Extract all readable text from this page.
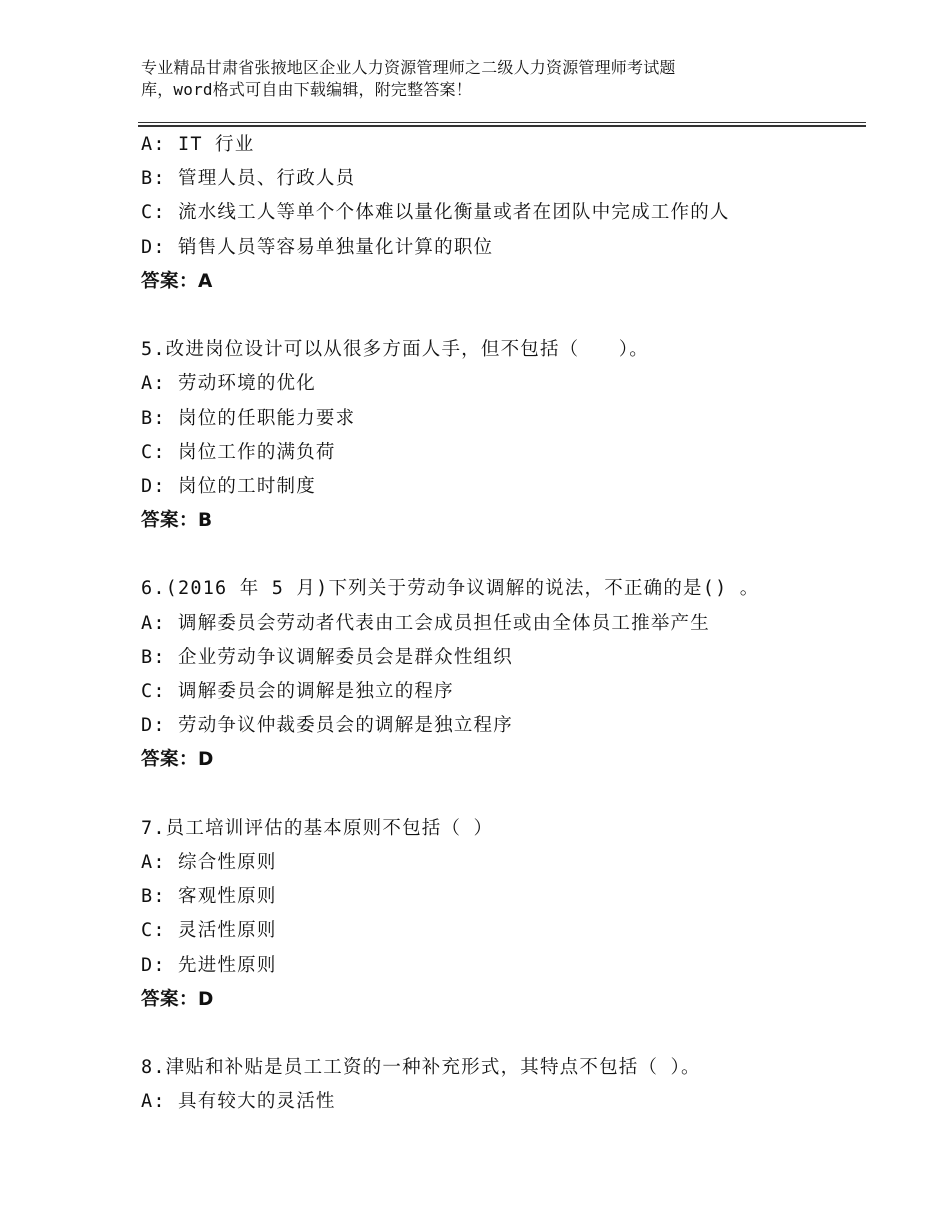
专业精品甘肃省张掖地区企业人力资源管理师之二级人力资源管理师考试题
库，word格式可自由下载编辑，附完整答案！
A: IT 行业
B: 管理人员、行政人员
C: 流水线工人等单个个体难以量化衡量或者在团队中完成工作的人
D: 销售人员等容易单独量化计算的职位
答案：A
5.改进岗位设计可以从很多方面人手，但不包括（　　）。
A: 劳动环境的优化
B: 岗位的任职能力要求
C: 岗位工作的满负荷
D: 岗位的工时制度
答案：B
6.(2016 年 5 月)下列关于劳动争议调解的说法，不正确的是() 。
A: 调解委员会劳动者代表由工会成员担任或由全体员工推举产生
B: 企业劳动争议调解委员会是群众性组织
C: 调解委员会的调解是独立的程序
D: 劳动争议仲裁委员会的调解是独立程序
答案：D
7.员工培训评估的基本原则不包括（ ）
A: 综合性原则
B: 客观性原则
C: 灵活性原则
D: 先进性原则
答案：D
8.津贴和补贴是员工工资的一种补充形式，其特点不包括（ ）。
A: 具有较大的灵活性
